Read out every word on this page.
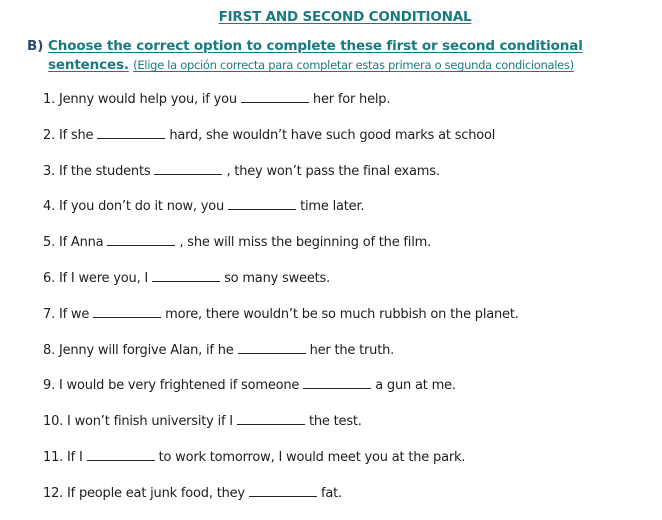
FIRST AND SECOND CONDITIONAL
B) Choose the correct option to complete these first or second conditional
sentences. (Elige la opción correcta para completar estas primera o segunda condicionales)
1. Jenny would help you, if you	her for help.
2. If she	hard, she wouldn’t have such good marks at school
3. If the students	, they won’t pass the final exams.
4. If you don’t do it now, you	time later.
5. If Anna	, she will miss the beginning of the film.
6. If I were you, I	so many sweets.
7. If we	more, there wouldn’t be so much rubbish on the planet.
8. Jenny will forgive Alan, if he	her the truth.
9. I would be very frightened if someone	a gun at me.
10. I won’t finish university if I	the test.
11. If I	to work tomorrow, I would meet you at the park.
12. If people eat junk food, they	fat.
